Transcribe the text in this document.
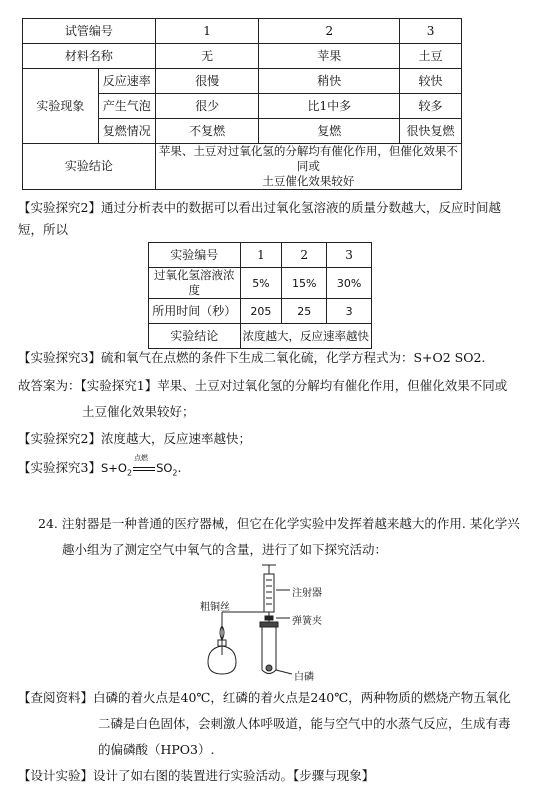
试管编号		1	2	3
材料名称		无	苹果	土豆
实验现象	反应速率	很慢	稍快	较快
	产生气泡	很少	比1中多	较多
	复燃情况	不复燃	复燃	很快复燃
实验结论		苹果、土豆对过氧化氢的分解均有催化作用，但催化效果不同或
土豆催化效果较好		
【实验探究2】通过分析表中的数据可以看出过氧化氢溶液的质量分数越大，反应时间越
短，所以
实验编号	1	2	3
过氧化氢溶液浓度	5%	15%	30%
所用时间（秒）	205	25	3
实验结论	浓度越大，反应速率越快		
【实验探究3】硫和氧气在点燃的条件下生成二氧化硫，化学方程式为：S+O2 SO2.
故答案为：【实验探究1】苹果、土豆对过氧化氢的分解均有催化作用，但催化效果不同或
土豆催化效果较好；
【实验探究2】浓度越大，反应速率越快；
【实验探究3】$S+O_2$
点燃
$SO_2$.
24. 注射器是一种普通的医疗器械，但它在化学实验中发挥着越来越大的作用. 某化学兴
趣小组为了测定空气中氧气的含量，进行了如下探究活动：
注射器
粗铜丝
弹簧夹
白磷
【查阅资料】白磷的着火点是40℃，红磷的着火点是240℃，两种物质的燃烧产物五氧化
二磷是白色固体，会刺激人体呼吸道，能与空气中的水蒸气反应，生成有毒
的偏磷酸（HPO3）.
【设计实验】设计了如右图的装置进行实验活动。【步骤与现象】
